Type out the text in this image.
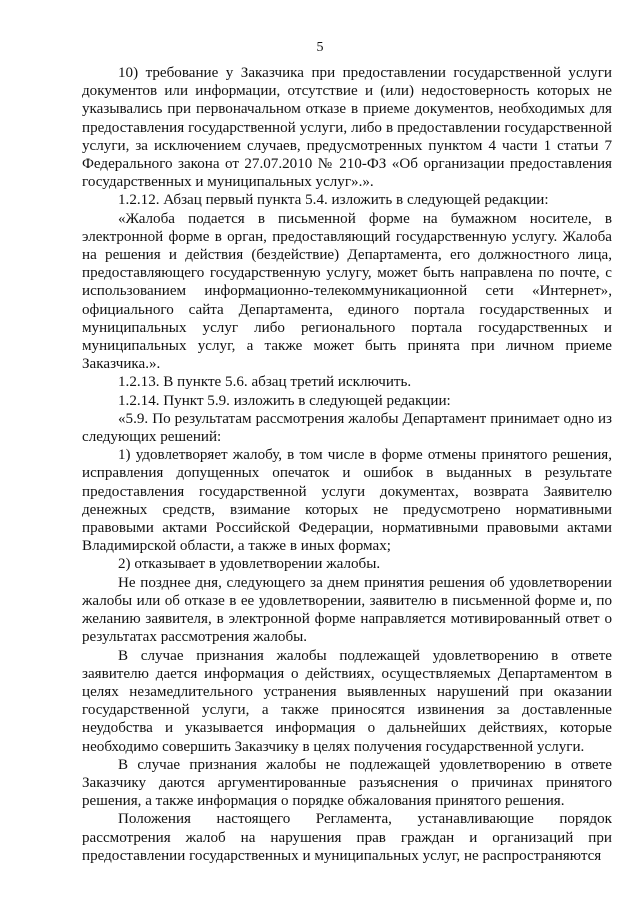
5

10) требование у Заказчика при предоставлении государственной услуги документов или информации, отсутствие и (или) недостоверность которых не указывались при первоначальном отказе в приеме документов, необходимых для предоставления государственной услуги, либо в предоставлении государственной услуги, за исключением случаев, предусмотренных пунктом 4 части 1 статьи 7 Федерального закона от 27.07.2010 № 210-ФЗ «Об организации предоставления государственных и муниципальных услуг».».

1.2.12. Абзац первый пункта 5.4. изложить в следующей редакции:

«Жалоба подается в письменной форме на бумажном носителе, в электронной форме в орган, предоставляющий государственную услугу. Жалоба на решения и действия (бездействие) Департамента, его должностного лица, предоставляющего государственную услугу, может быть направлена по почте, с использованием информационно-телекоммуникационной сети «Интернет», официального сайта Департамента, единого портала государственных и муниципальных услуг либо регионального портала государственных и муниципальных услуг, а также может быть принята при личном приеме Заказчика.».

1.2.13. В пункте 5.6. абзац третий исключить.

1.2.14. Пункт 5.9. изложить в следующей редакции:

«5.9. По результатам рассмотрения жалобы Департамент принимает одно из следующих решений:

1) удовлетворяет жалобу, в том числе в форме отмены принятого решения, исправления допущенных опечаток и ошибок в выданных в результате предоставления государственной услуги документах, возврата Заявителю денежных средств, взимание которых не предусмотрено нормативными правовыми актами Российской Федерации, нормативными правовыми актами Владимирской области, а также в иных формах;

2) отказывает в удовлетворении жалобы.

Не позднее дня, следующего за днем принятия решения об удовлетворении жалобы или об отказе в ее удовлетворении, заявителю в письменной форме и, по желанию заявителя, в электронной форме направляется мотивированный ответ о результатах рассмотрения жалобы.

В случае признания жалобы подлежащей удовлетворению в ответе заявителю дается информация о действиях, осуществляемых Департаментом в целях незамедлительного устранения выявленных нарушений при оказании государственной услуги, а также приносятся извинения за доставленные неудобства и указывается информация о дальнейших действиях, которые необходимо совершить Заказчику в целях получения государственной услуги.

В случае признания жалобы не подлежащей удовлетворению в ответе Заказчику даются аргументированные разъяснения о причинах принятого решения, а также информация о порядке обжалования принятого решения.

Положения настоящего Регламента, устанавливающие порядок рассмотрения жалоб на нарушения прав граждан и организаций при предоставлении государственных и муниципальных услуг, не распространяются
